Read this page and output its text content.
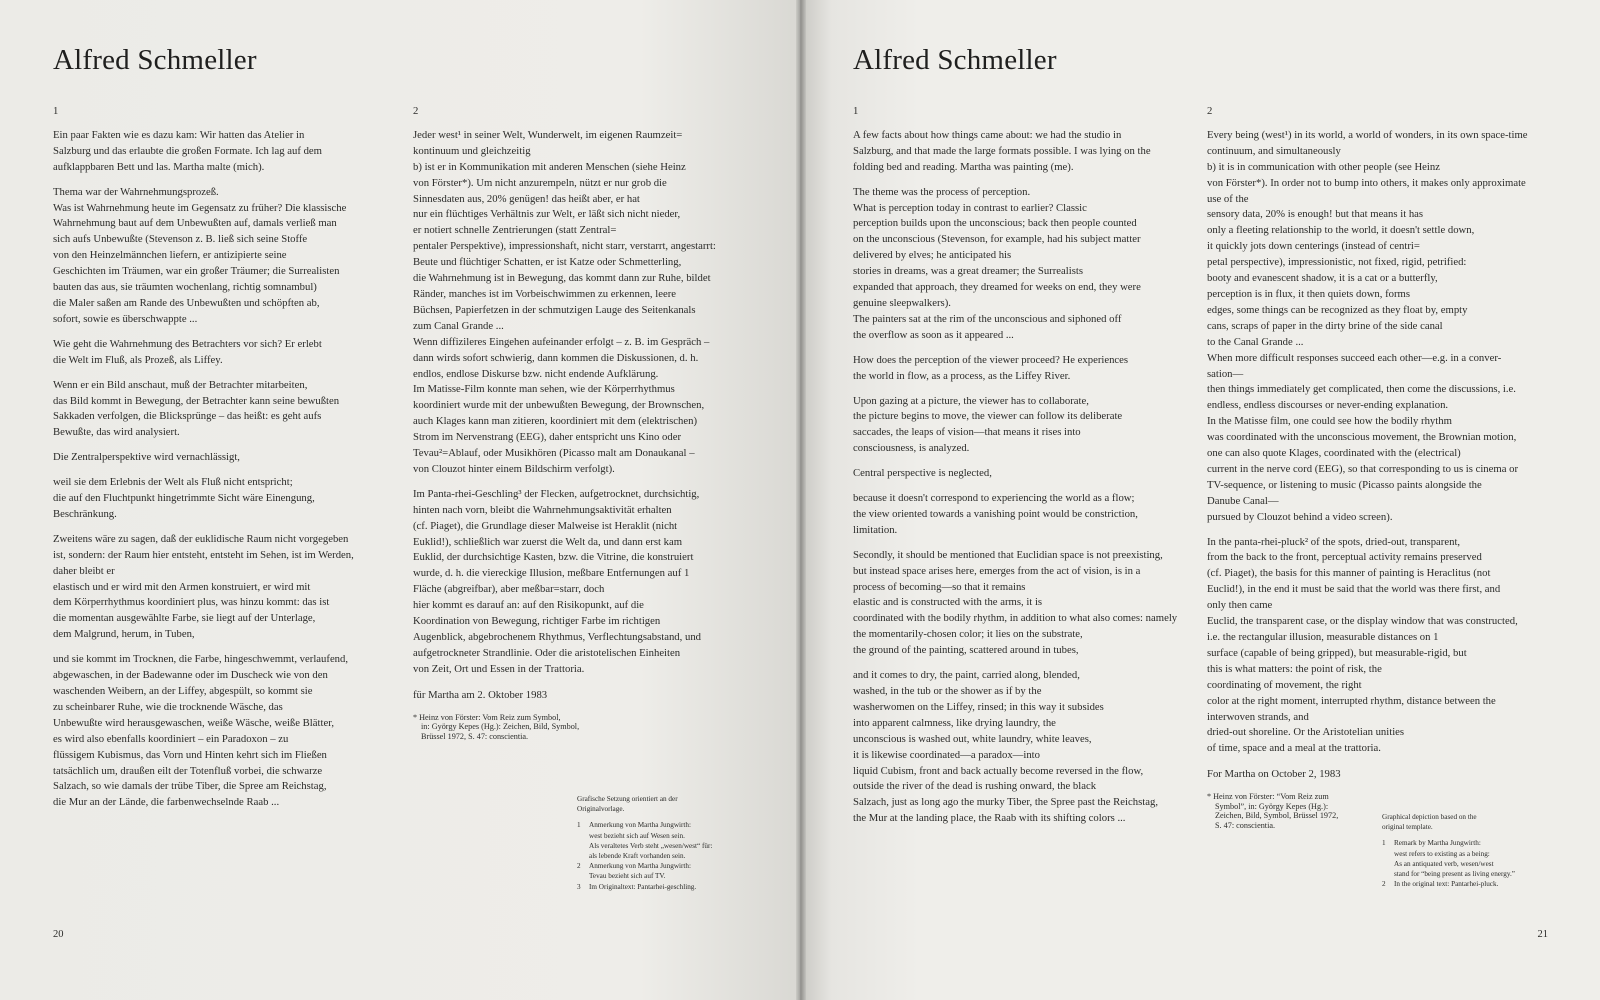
Alfred Schmeller
1

Ein paar Fakten wie es dazu kam: Wir hatten das Atelier in
Salzburg und das erlaubte die großen Formate. Ich lag auf dem
aufklappbaren Bett und las. Martha malte (mich).

Thema war der Wahrnehmungsprozeß.
Was ist Wahrnehmung heute im Gegensatz zu früher? Die klassische
Wahrnehmung baut auf dem Unbewußten auf, damals verließ man
sich aufs Unbewußte (Stevenson z. B. ließ sich seine Stoffe
von den Heinzelmännchen liefern, er antizipierte seine
Geschichten im Träumen, war ein großer Träumer; die Surrealisten
bauten das aus, sie träumten wochenlang, richtig somnambul)
die Maler saßen am Rande des Unbewußten und schöpften ab,
sofort, sowie es überschwappte ...

Wie geht die Wahrnehmung des Betrachters vor sich? Er erlebt
die Welt im Fluß, als Prozeß, als Liffey.

Wenn er ein Bild anschaut, muß der Betrachter mitarbeiten,
das Bild kommt in Bewegung, der Betrachter kann seine bewußten
Sakkaden verfolgen, die Blicksprünge – das heißt: es geht aufs
Bewußte, das wird analysiert.

Die Zentralperspektive wird vernachlässigt,

weil sie dem Erlebnis der Welt als Fluß nicht entspricht;
die auf den Fluchtpunkt hingetrimmte Sicht wäre Einengung,
Beschränkung.

Zweitens wäre zu sagen, daß der euklidische Raum nicht vorgegeben
ist, sondern: der Raum hier entsteht, entsteht im Sehen, ist im Werden,
daher bleibt er
elastisch und er wird mit den Armen konstruiert, er wird mit
dem Körperrhythmus koordiniert plus, was hinzu kommt: das ist
die momentan ausgewählte Farbe, sie liegt auf der Unterlage,
dem Malgrund, herum, in Tuben,

und sie kommt im Trocknen, die Farbe, hingeschwemmt, verlaufend,
abgewaschen, in der Badewanne oder im Duscheck wie von den
waschenden Weibern, an der Liffey, abgespült, so kommt sie
zu scheinbarer Ruhe, wie die trocknende Wäsche, das
Unbewußte wird herausgewaschen, weiße Wäsche, weiße Blätter,
es wird also ebenfalls koordiniert – ein Paradoxon – zu
flüssigem Kubismus, das Vorn und Hinten kehrt sich im Fließen
tatsächlich um, draußen eilt der Totenfluß vorbei, die schwarze
Salzach, so wie damals der trübe Tiber, die Spree am Reichstag,
die Mur an der Lände, die farbenwechselnde Raab ...

2

Jeder west¹ in seiner Welt, Wunderwelt, im eigenen Raumzeit=
kontinuum und gleichzeitig
b) ist er in Kommunikation mit anderen Menschen (siehe Heinz
von Förster*). Um nicht anzurempeln, nützt er nur grob die
Sinnesdaten aus, 20% genügen! das heißt aber, er hat
nur ein flüchtiges Verhältnis zur Welt, er läßt sich nicht nieder,
er notiert schnelle Zentrierungen (statt Zentral=
pentaler Perspektive), impressionshaft, nicht starr, verstarrt, angestarrt:
Beute und flüchtiger Schatten, er ist Katze oder Schmetterling,
die Wahrnehmung ist in Bewegung, das kommt dann zur Ruhe, bildet
Ränder, manches ist im Vorbeischwimmen zu erkennen, leere
Büchsen, Papierfetzen in der schmutzigen Lauge des Seitenkanals
zum Canal Grande ...
Wenn diffizileres Eingehen aufeinander erfolgt – z. B. im Gespräch –
dann wirds sofort schwierig, dann kommen die Diskussionen, d. h.
endlos, endlose Diskurse bzw. nicht endende Aufklärung.
Im Matisse-Film konnte man sehen, wie der Körperrhythmus
koordiniert wurde mit der unbewußten Bewegung, der Brownschen,
auch Klages kann man zitieren, koordiniert mit dem (elektrischen)
Strom im Nervenstrang (EEG), daher entspricht uns Kino oder
Tevau²=Ablauf, oder Musikhören (Picasso malt am Donaukanal –
von Clouzot hinter einem Bildschirm verfolgt).

Im Panta-rhei-Geschling³ der Flecken, aufgetrocknet, durchsichtig,
hinten nach vorn, bleibt die Wahrnehmungsaktivität erhalten
(cf. Piaget), die Grundlage dieser Malweise ist Heraklit (nicht
Euklid!), schließlich war zuerst die Welt da, und dann erst kam
Euklid, der durchsichtige Kasten, bzw. die Vitrine, die konstruiert
wurde, d. h. die viereckige Illusion, meßbare Entfernungen auf 1
Fläche (abgreifbar), aber meßbar=starr, doch
hier kommt es darauf an: auf den Risikopunkt, auf die
Koordination von Bewegung, richtiger Farbe im richtigen
Augenblick, abgebrochenem Rhythmus, Verflechtungsabstand, und
aufgetrockneter Strandlinie. Oder die aristotelischen Einheiten
von Zeit, Ort und Essen in der Trattoria.

für Martha am 2. Oktober 1983

* Heinz von Förster: Vom Reiz zum Symbol,
in: György Kepes (Hg.): Zeichen, Bild, Symbol,
Brüssel 1972, S. 47: conscientia.
Grafische Setzung orientiert an der
Originalvorlage.
1	Anmerkung von Martha Jungwirth:
west bezieht sich auf Wesen sein.
Als veraltetes Verb steht „wesen/west“ für:
als lebende Kraft vorhanden sein.
2	Anmerkung von Martha Jungwirth:
Tevau bezieht sich auf TV.
3	Im Originaltext: Pantarhei-geschling.
20
Alfred Schmeller
1

A few facts about how things came about: we had the studio in
Salzburg, and that made the large formats possible. I was lying on the
folding bed and reading. Martha was painting (me).

The theme was the process of perception.
What is perception today in contrast to earlier? Classic
perception builds upon the unconscious; back then people counted
on the unconscious (Stevenson, for example, had his subject matter
delivered by elves; he anticipated his
stories in dreams, was a great dreamer; the Surrealists
expanded that approach, they dreamed for weeks on end, they were
genuine sleepwalkers).
The painters sat at the rim of the unconscious and siphoned off
the overflow as soon as it appeared ...

How does the perception of the viewer proceed? He experiences
the world in flow, as a process, as the Liffey River.

Upon gazing at a picture, the viewer has to collaborate,
the picture begins to move, the viewer can follow its deliberate
saccades, the leaps of vision—that means it rises into
consciousness, is analyzed.

Central perspective is neglected,

because it doesn't correspond to experiencing the world as a flow;
the view oriented towards a vanishing point would be constriction,
limitation.

Secondly, it should be mentioned that Euclidian space is not preexisting,
but instead space arises here, emerges from the act of vision, is in a
process of becoming—so that it remains
elastic and is constructed with the arms, it is
coordinated with the bodily rhythm, in addition to what also comes: namely
the momentarily-chosen color; it lies on the substrate,
the ground of the painting, scattered around in tubes,

and it comes to dry, the paint, carried along, blended,
washed, in the tub or the shower as if by the
washerwomen on the Liffey, rinsed; in this way it subsides
into apparent calmness, like drying laundry, the
unconscious is washed out, white laundry, white leaves,
it is likewise coordinated—a paradox—into
liquid Cubism, front and back actually become reversed in the flow,
outside the river of the dead is rushing onward, the black
Salzach, just as long ago the murky Tiber, the Spree past the Reichstag,
the Mur at the landing place, the Raab with its shifting colors ...

2

Every being (west¹) in its world, a world of wonders, in its own space-time
continuum, and simultaneously
b) it is in communication with other people (see Heinz
von Förster*). In order not to bump into others, it makes only approximate
use of the
sensory data, 20% is enough! but that means it has
only a fleeting relationship to the world, it doesn't settle down,
it quickly jots down centerings (instead of centri=
petal perspective), impressionistic, not fixed, rigid, petrified:
booty and evanescent shadow, it is a cat or a butterfly,
perception is in flux, it then quiets down, forms
edges, some things can be recognized as they float by, empty
cans, scraps of paper in the dirty brine of the side canal
to the Canal Grande ...
When more difficult responses succeed each other—e.g. in a conver-
sation—
then things immediately get complicated, then come the discussions, i.e.
endless, endless discourses or never-ending explanation.
In the Matisse film, one could see how the bodily rhythm
was coordinated with the unconscious movement, the Brownian motion,
one can also quote Klages, coordinated with the (electrical)
current in the nerve cord (EEG), so that corresponding to us is cinema or
TV-sequence, or listening to music (Picasso paints alongside the
Danube Canal—
pursued by Clouzot behind a video screen).

In the panta-rhei-pluck² of the spots, dried-out, transparent,
from the back to the front, perceptual activity remains preserved
(cf. Piaget), the basis for this manner of painting is Heraclitus (not
Euclid!), in the end it must be said that the world was there first, and
only then came
Euclid, the transparent case, or the display window that was constructed,
i.e. the rectangular illusion, measurable distances on 1
surface (capable of being gripped), but measurable-rigid, but
this is what matters: the point of risk, the
coordinating of movement, the right
color at the right moment, interrupted rhythm, distance between the
interwoven strands, and
dried-out shoreline. Or the Aristotelian unities
of time, space and a meal at the trattoria.

For Martha on October 2, 1983

* Heinz von Förster: “Vom Reiz zum
Symbol”, in: György Kepes (Hg.):
Zeichen, Bild, Symbol, Brüssel 1972,
S. 47: conscientia.
Graphical depiction based on the
original template.
1	Remark by Martha Jungwirth:
west refers to existing as a being:
As an antiquated verb, wesen/west
stand for “being present as living energy.”
2	In the original text: Pantarhei-pluck.
21
